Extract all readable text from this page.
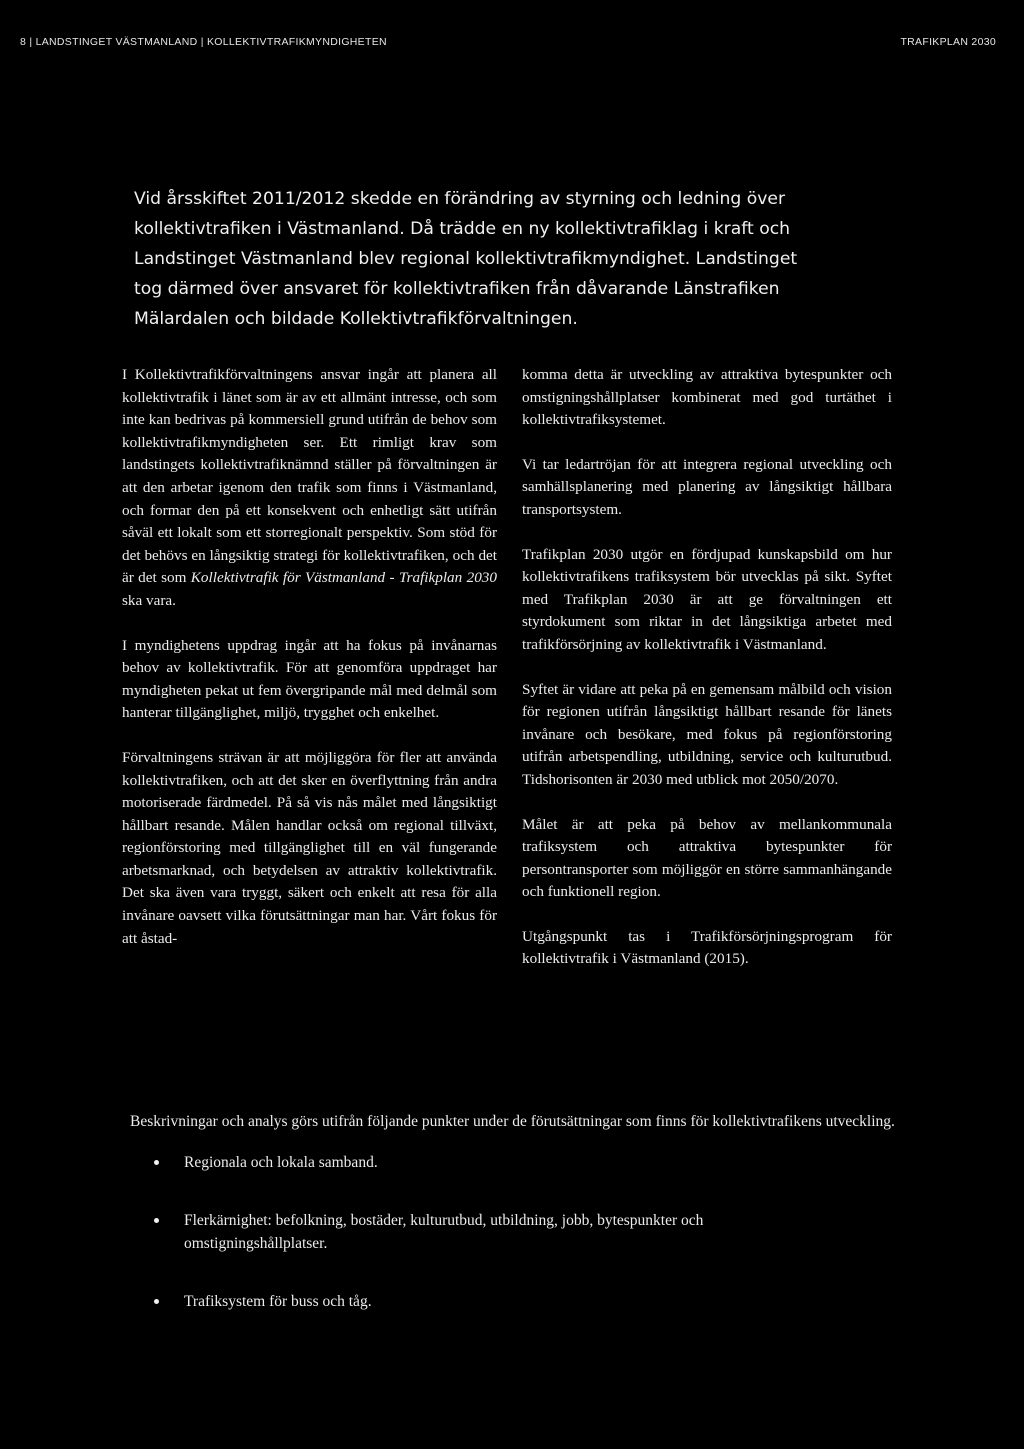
8 | LANDSTINGET VÄSTMANLAND | KOLLEKTIVTRAFIKMYNDIGHETEN	TRAFIKPLAN 2030

Vid årsskiftet 2011/2012 skedde en förändring av styrning och ledning över kollektivtrafiken i Västmanland. Då trädde en ny kollektivtrafiklag i kraft och Landstinget Västmanland blev regional kollektivtrafikmyndighet. Landstinget tog därmed över ansvaret för kollektivtrafiken från dåvarande Länstrafiken Mälardalen och bildade Kollektivtrafikförvaltningen.

I Kollektivtrafikförvaltningens ansvar ingår att planera all kollektivtrafik i länet som är av ett allmänt intresse, och som inte kan bedrivas på kommersiell grund utifrån de behov som kollektivtrafikmyndigheten ser. Ett rimligt krav som landstingets kollektivtrafiknämnd ställer på förvaltningen är att den arbetar igenom den trafik som finns i Västmanland, och formar den på ett konsekvent och enhetligt sätt utifrån såväl ett lokalt som ett storregionalt perspektiv. Som stöd för det behövs en långsiktig strategi för kollektivtrafiken, och det är det som Kollektivtrafik för Västmanland - Trafikplan 2030 ska vara.

I myndighetens uppdrag ingår att ha fokus på invånarnas behov av kollektivtrafik. För att genomföra uppdraget har myndigheten pekat ut fem övergripande mål med delmål som hanterar tillgänglighet, miljö, trygghet och enkelhet.

Förvaltningens strävan är att möjliggöra för fler att använda kollektivtrafiken, och att det sker en överflyttning från andra motoriserade färdmedel. På så vis nås målet med långsiktigt hållbart resande. Målen handlar också om regional tillväxt, regionförstoring med tillgänglighet till en väl fungerande arbetsmarknad, och betydelsen av attraktiv kollektivtrafik. Det ska även vara tryggt, säkert och enkelt att resa för alla invånare oavsett vilka förutsättningar man har. Vårt fokus för att åstad-

komma detta är utveckling av attraktiva bytespunkter och omstigningshållplatser kombinerat med god turtäthet i kollektivtrafiksystemet.

Vi tar ledartröjan för att integrera regional utveckling och samhällsplanering med planering av långsiktigt hållbara transportsystem.

Trafikplan 2030 utgör en fördjupad kunskapsbild om hur kollektivtrafikens trafiksystem bör utvecklas på sikt. Syftet med Trafikplan 2030 är att ge förvaltningen ett styrdokument som riktar in det långsiktiga arbetet med trafikförsörjning av kollektivtrafik i Västmanland.

Syftet är vidare att peka på en gemensam målbild och vision för regionen utifrån långsiktigt hållbart resande för länets invånare och besökare, med fokus på regionförstoring utifrån arbetspendling, utbildning, service och kulturutbud. Tidshorisonten är 2030 med utblick mot 2050/2070.

Målet är att peka på behov av mellankommunala trafiksystem och attraktiva bytespunkter för persontransporter som möjliggör en större sammanhängande och funktionell region.

Utgångspunkt tas i Trafikförsörjningsprogram för kollektivtrafik i Västmanland (2015).

Beskrivningar och analys görs utifrån följande punkter under de förutsättningar som finns för kollektivtrafikens utveckling.

Regionala och lokala samband.
Flerkärnighet: befolkning, bostäder, kulturutbud, utbildning, jobb, bytespunkter och omstigningshållplatser.
Trafiksystem för buss och tåg.
